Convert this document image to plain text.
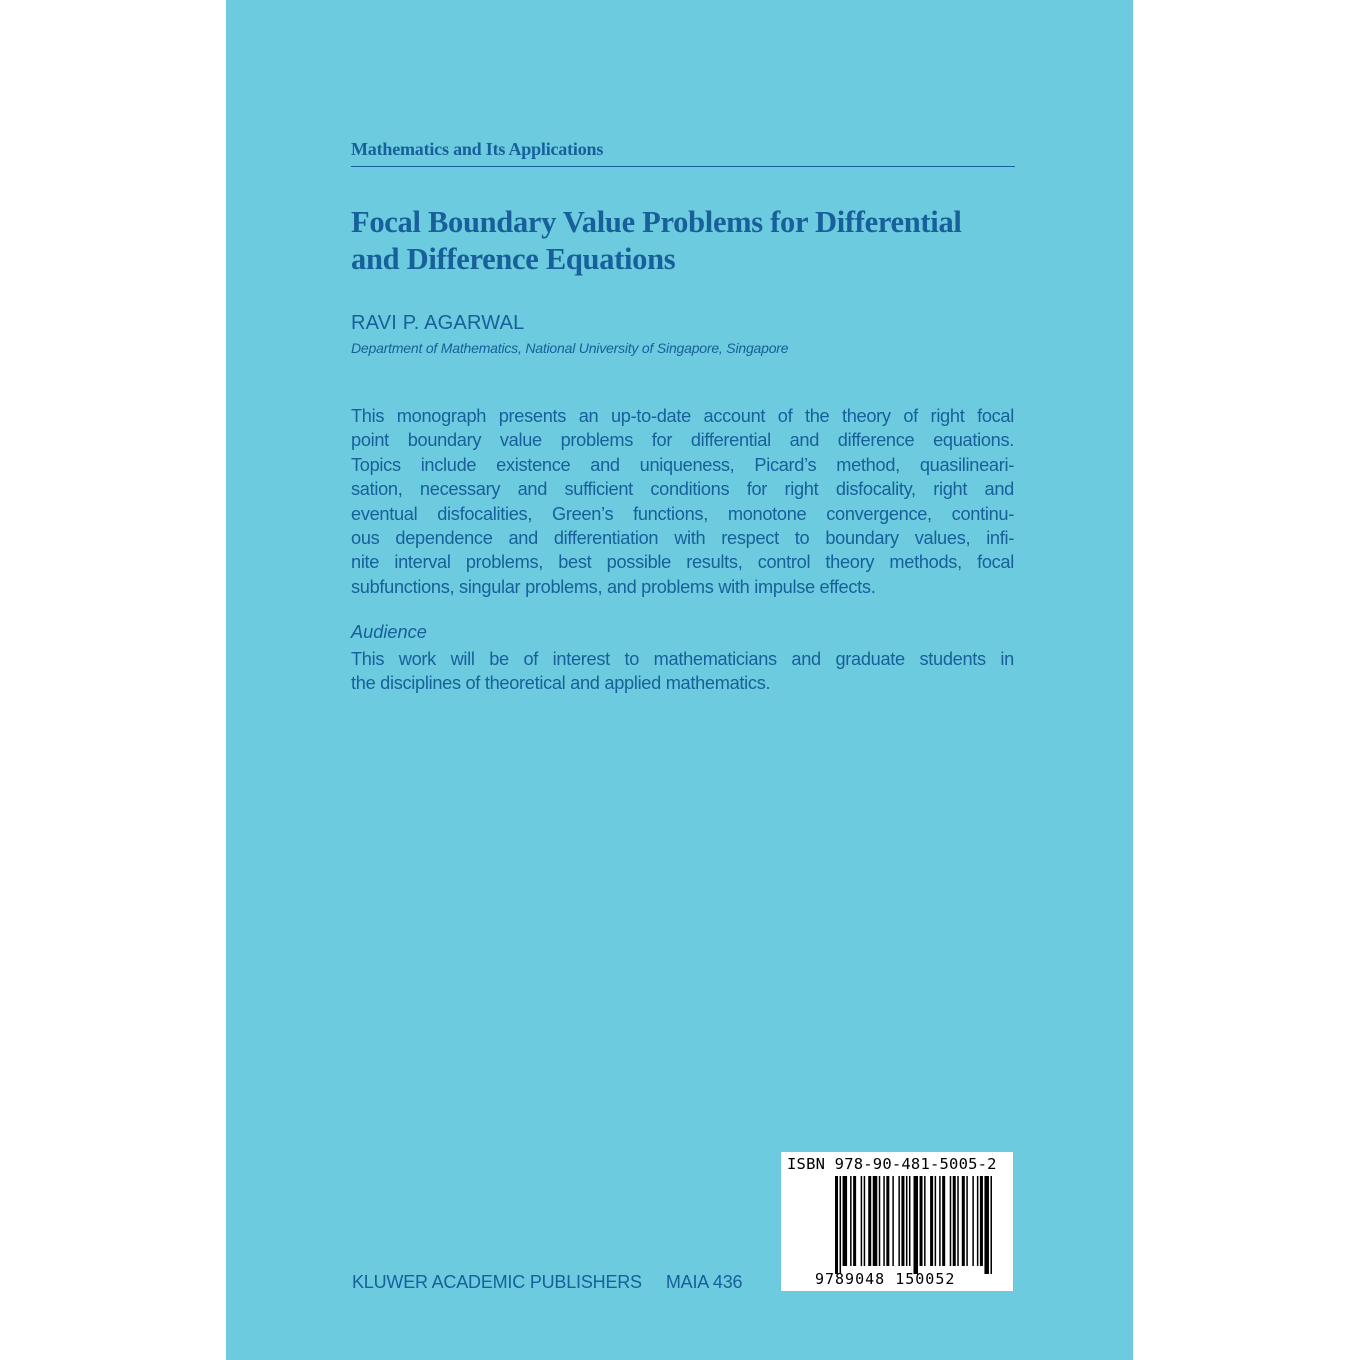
Mathematics and Its Applications
Focal Boundary Value Problems for Differential
and Difference Equations
RAVI P. AGARWAL
Department of Mathematics, National University of Singapore, Singapore
This monograph presents an up-to-date account of the theory of right focal
point boundary value problems for differential and difference equations.
Topics include existence and uniqueness, Picard’s method, quasilineari-
sation, necessary and sufficient conditions for right disfocality, right and
eventual disfocalities, Green’s functions, monotone convergence, continu-
ous dependence and differentiation with respect to boundary values, infi-
nite interval problems, best possible results, control theory methods, focal
subfunctions, singular problems, and problems with impulse effects.
Audience
This work will be of interest to mathematicians and graduate students in
the disciplines of theoretical and applied mathematics.
KLUWER ACADEMIC PUBLISHERS MAIA 436
ISBN 978-90-481-5005-2
9 789048 150052
